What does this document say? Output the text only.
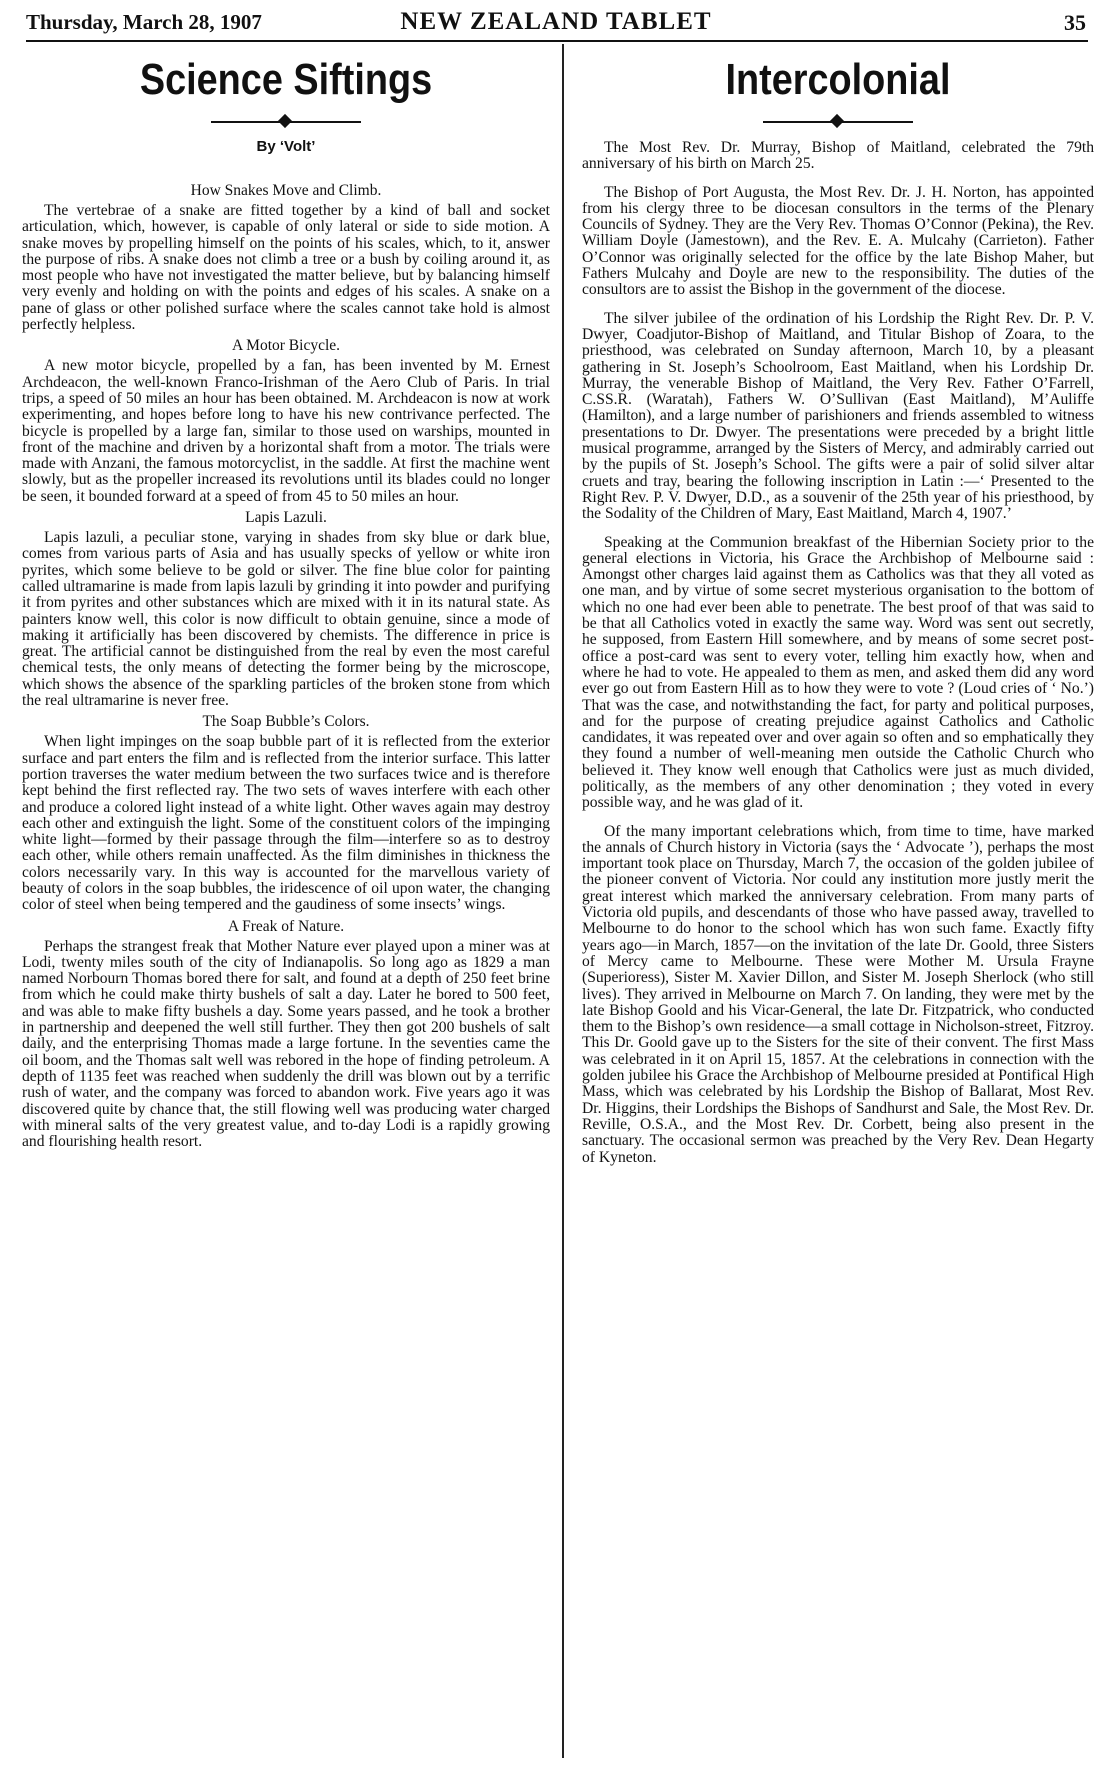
Thursday, March 28, 1907	NEW ZEALAND TABLET	35
Science Siftings
By ‘Volt’
How Snakes Move and Climb.

The vertebrae of a snake are fitted together by a kind of ball and socket articulation, which, however, is capable of only lateral or side to side motion. A snake moves by propelling himself on the points of his scales, which, to it, answer the purpose of ribs. A snake does not climb a tree or a bush by coiling around it, as most people who have not investigated the matter believe, but by balancing himself very evenly and holding on with the points and edges of his scales. A snake on a pane of glass or other polished surface where the scales cannot take hold is almost perfectly helpless.

A Motor Bicycle.

A new motor bicycle, propelled by a fan, has been invented by M. Ernest Archdeacon, the well-known Franco-Irishman of the Aero Club of Paris. In trial trips, a speed of 50 miles an hour has been obtained. M. Archdeacon is now at work experimenting, and hopes before long to have his new contrivance perfected. The bicycle is propelled by a large fan, similar to those used on warships, mounted in front of the machine and driven by a horizontal shaft from a motor. The trials were made with Anzani, the famous motorcyclist, in the saddle. At first the machine went slowly, but as the propeller increased its revolutions until its blades could no longer be seen, it bounded forward at a speed of from 45 to 50 miles an hour.

Lapis Lazuli.

Lapis lazuli, a peculiar stone, varying in shades from sky blue or dark blue, comes from various parts of Asia and has usually specks of yellow or white iron pyrites, which some believe to be gold or silver. The fine blue color for painting called ultramarine is made from lapis lazuli by grinding it into powder and purifying it from pyrites and other substances which are mixed with it in its natural state. As painters know well, this color is now difficult to obtain genuine, since a mode of making it artificially has been discovered by chemists. The difference in price is great. The artificial cannot be distinguished from the real by even the most careful chemical tests, the only means of detecting the former being by the microscope, which shows the absence of the sparkling particles of the broken stone from which the real ultramarine is never free.

The Soap Bubble’s Colors.

When light impinges on the soap bubble part of it is reflected from the exterior surface and part enters the film and is reflected from the interior surface. This latter portion traverses the water medium between the two surfaces twice and is therefore kept behind the first reflected ray. The two sets of waves interfere with each other and produce a colored light instead of a white light. Other waves again may destroy each other and extinguish the light. Some of the constituent colors of the impinging white light—formed by their passage through the film—interfere so as to destroy each other, while others remain unaffected. As the film diminishes in thickness the colors necessarily vary. In this way is accounted for the marvellous variety of beauty of colors in the soap bubbles, the iridescence of oil upon water, the changing color of steel when being tempered and the gaudiness of some insects’ wings.

A Freak of Nature.

Perhaps the strangest freak that Mother Nature ever played upon a miner was at Lodi, twenty miles south of the city of Indianapolis. So long ago as 1829 a man named Norbourn Thomas bored there for salt, and found at a depth of 250 feet brine from which he could make thirty bushels of salt a day. Later he bored to 500 feet, and was able to make fifty bushels a day. Some years passed, and he took a brother in partnership and deepened the well still further. They then got 200 bushels of salt daily, and the enterprising Thomas made a large fortune. In the seventies came the oil boom, and the Thomas salt well was rebored in the hope of finding petroleum. A depth of 1135 feet was reached when suddenly the drill was blown out by a terrific rush of water, and the company was forced to abandon work. Five years ago it was discovered quite by chance that, the still flowing well was producing water charged with mineral salts of the very greatest value, and to-day Lodi is a rapidly growing and flourishing health resort.

Intercolonial

The Most Rev. Dr. Murray, Bishop of Maitland, celebrated the 79th anniversary of his birth on March 25.

The Bishop of Port Augusta, the Most Rev. Dr. J. H. Norton, has appointed from his clergy three to be diocesan consultors in the terms of the Plenary Councils of Sydney. They are the Very Rev. Thomas O’Connor (Pekina), the Rev. William Doyle (Jamestown), and the Rev. E. A. Mulcahy (Carrieton). Father O’Connor was originally selected for the office by the late Bishop Maher, but Fathers Mulcahy and Doyle are new to the responsibility. The duties of the consultors are to assist the Bishop in the government of the diocese.

The silver jubilee of the ordination of his Lordship the Right Rev. Dr. P. V. Dwyer, Coadjutor-Bishop of Maitland, and Titular Bishop of Zoara, to the priesthood, was celebrated on Sunday afternoon, March 10, by a pleasant gathering in St. Joseph’s Schoolroom, East Maitland, when his Lordship Dr. Murray, the venerable Bishop of Maitland, the Very Rev. Father O’Farrell, C.SS.R. (Waratah), Fathers W. O’Sullivan (East Maitland), M’Auliffe (Hamilton), and a large number of parishioners and friends assembled to witness presentations to Dr. Dwyer. The presentations were preceded by a bright little musical programme, arranged by the Sisters of Mercy, and admirably carried out by the pupils of St. Joseph’s School. The gifts were a pair of solid silver altar cruets and tray, bearing the following inscription in Latin :—‘ Presented to the Right Rev. P. V. Dwyer, D.D., as a souvenir of the 25th year of his priesthood, by the Sodality of the Children of Mary, East Maitland, March 4, 1907.’

Speaking at the Communion breakfast of the Hibernian Society prior to the general elections in Victoria, his Grace the Archbishop of Melbourne said : Amongst other charges laid against them as Catholics was that they all voted as one man, and by virtue of some secret mysterious organisation to the bottom of which no one had ever been able to penetrate. The best proof of that was said to be that all Catholics voted in exactly the same way. Word was sent out secretly, he supposed, from Eastern Hill somewhere, and by means of some secret post-office a post-card was sent to every voter, telling him exactly how, when and where he had to vote. He appealed to them as men, and asked them did any word ever go out from Eastern Hill as to how they were to vote ? (Loud cries of ‘ No.’) That was the case, and notwithstanding the fact, for party and political purposes, and for the purpose of creating prejudice against Catholics and Catholic candidates, it was repeated over and over again so often and so emphatically they they found a number of well-meaning men outside the Catholic Church who believed it. They know well enough that Catholics were just as much divided, politically, as the members of any other denomination ; they voted in every possible way, and he was glad of it.

Of the many important celebrations which, from time to time, have marked the annals of Church history in Victoria (says the ‘ Advocate ’), perhaps the most important took place on Thursday, March 7, the occasion of the golden jubilee of the pioneer convent of Victoria. Nor could any institution more justly merit the great interest which marked the anniversary celebration. From many parts of Victoria old pupils, and descendants of those who have passed away, travelled to Melbourne to do honor to the school which has won such fame. Exactly fifty years ago—in March, 1857—on the invitation of the late Dr. Goold, three Sisters of Mercy came to Melbourne. These were Mother M. Ursula Frayne (Superioress), Sister M. Xavier Dillon, and Sister M. Joseph Sherlock (who still lives). They arrived in Melbourne on March 7. On landing, they were met by the late Bishop Goold and his Vicar-General, the late Dr. Fitzpatrick, who conducted them to the Bishop’s own residence—a small cottage in Nicholson-street, Fitzroy. This Dr. Goold gave up to the Sisters for the site of their convent. The first Mass was celebrated in it on April 15, 1857. At the celebrations in connection with the golden jubilee his Grace the Archbishop of Melbourne presided at Pontifical High Mass, which was celebrated by his Lordship the Bishop of Ballarat, Most Rev. Dr. Higgins, their Lordships the Bishops of Sandhurst and Sale, the Most Rev. Dr. Reville, O.S.A., and the Most Rev. Dr. Corbett, being also present in the sanctuary. The occasional sermon was preached by the Very Rev. Dean Hegarty of Kyneton.
